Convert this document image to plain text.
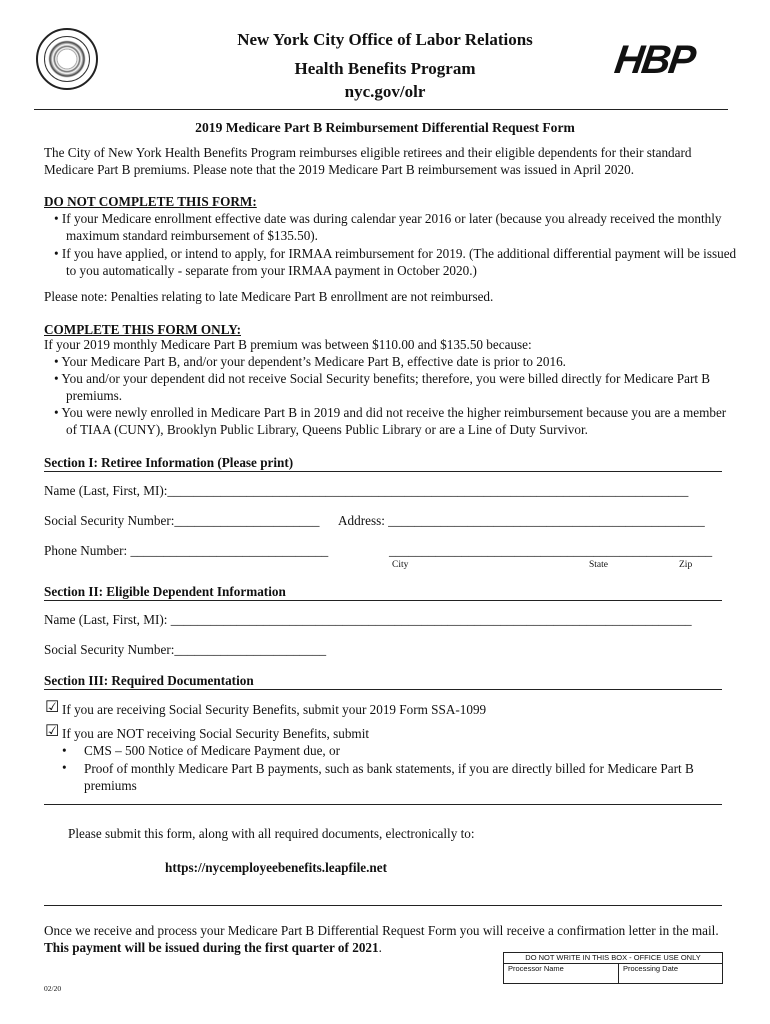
New York City Office of Labor Relations
Health Benefits Program
nyc.gov/olr
HBP
2019 Medicare Part B Reimbursement Differential Request Form
The City of New York Health Benefits Program reimburses eligible retirees and their eligible dependents for their standard Medicare Part B premiums. Please note that the 2019 Medicare Part B reimbursement was issued in April 2020.
DO NOT COMPLETE THIS FORM:
• If your Medicare enrollment effective date was during calendar year 2016 or later (because you already received the monthly maximum standard reimbursement of $135.50).
• If you have applied, or intend to apply, for IRMAA reimbursement for 2019. (The additional differential payment will be issued to you automatically - separate from your IRMAA payment in October 2020.)
Please note: Penalties relating to late Medicare Part B enrollment are not reimbursed.
COMPLETE THIS FORM ONLY:
If your 2019 monthly Medicare Part B premium was between $110.00 and $135.50 because:
• Your Medicare Part B, and/or your dependent’s Medicare Part B, effective date is prior to 2016.
• You and/or your dependent did not receive Social Security benefits; therefore, you were billed directly for Medicare Part B premiums.
• You were newly enrolled in Medicare Part B in 2019 and did not receive the higher reimbursement because you are a member of TIAA (CUNY), Brooklyn Public Library, Queens Public Library or are a Line of Duty Survivor.
Section I: Retiree Information (Please print)
Name (Last, First, MI):_______________________________________________________________________________
Social Security Number:______________________ Address: ________________________________________________
Phone Number: ______________________________	_________________________________________________
City	State	Zip
Section II: Eligible Dependent Information
Name (Last, First, MI): _______________________________________________________________________________
Social Security Number:_______________________
Section III: Required Documentation
☑ If you are receiving Social Security Benefits, submit your 2019 Form SSA-1099
☑ If you are NOT receiving Social Security Benefits, submit
• CMS – 500 Notice of Medicare Payment due, or
• Proof of monthly Medicare Part B payments, such as bank statements, if you are directly billed for Medicare Part B premiums
Please submit this form, along with all required documents, electronically to:
https://nycemployeebenefits.leapfile.net
Once we receive and process your Medicare Part B Differential Request Form you will receive a confirmation letter in the mail. This payment will be issued during the first quarter of 2021.
DO NOT WRITE IN THIS BOX - OFFICE USE ONLY
Processor Name	Processing Date
02/20
